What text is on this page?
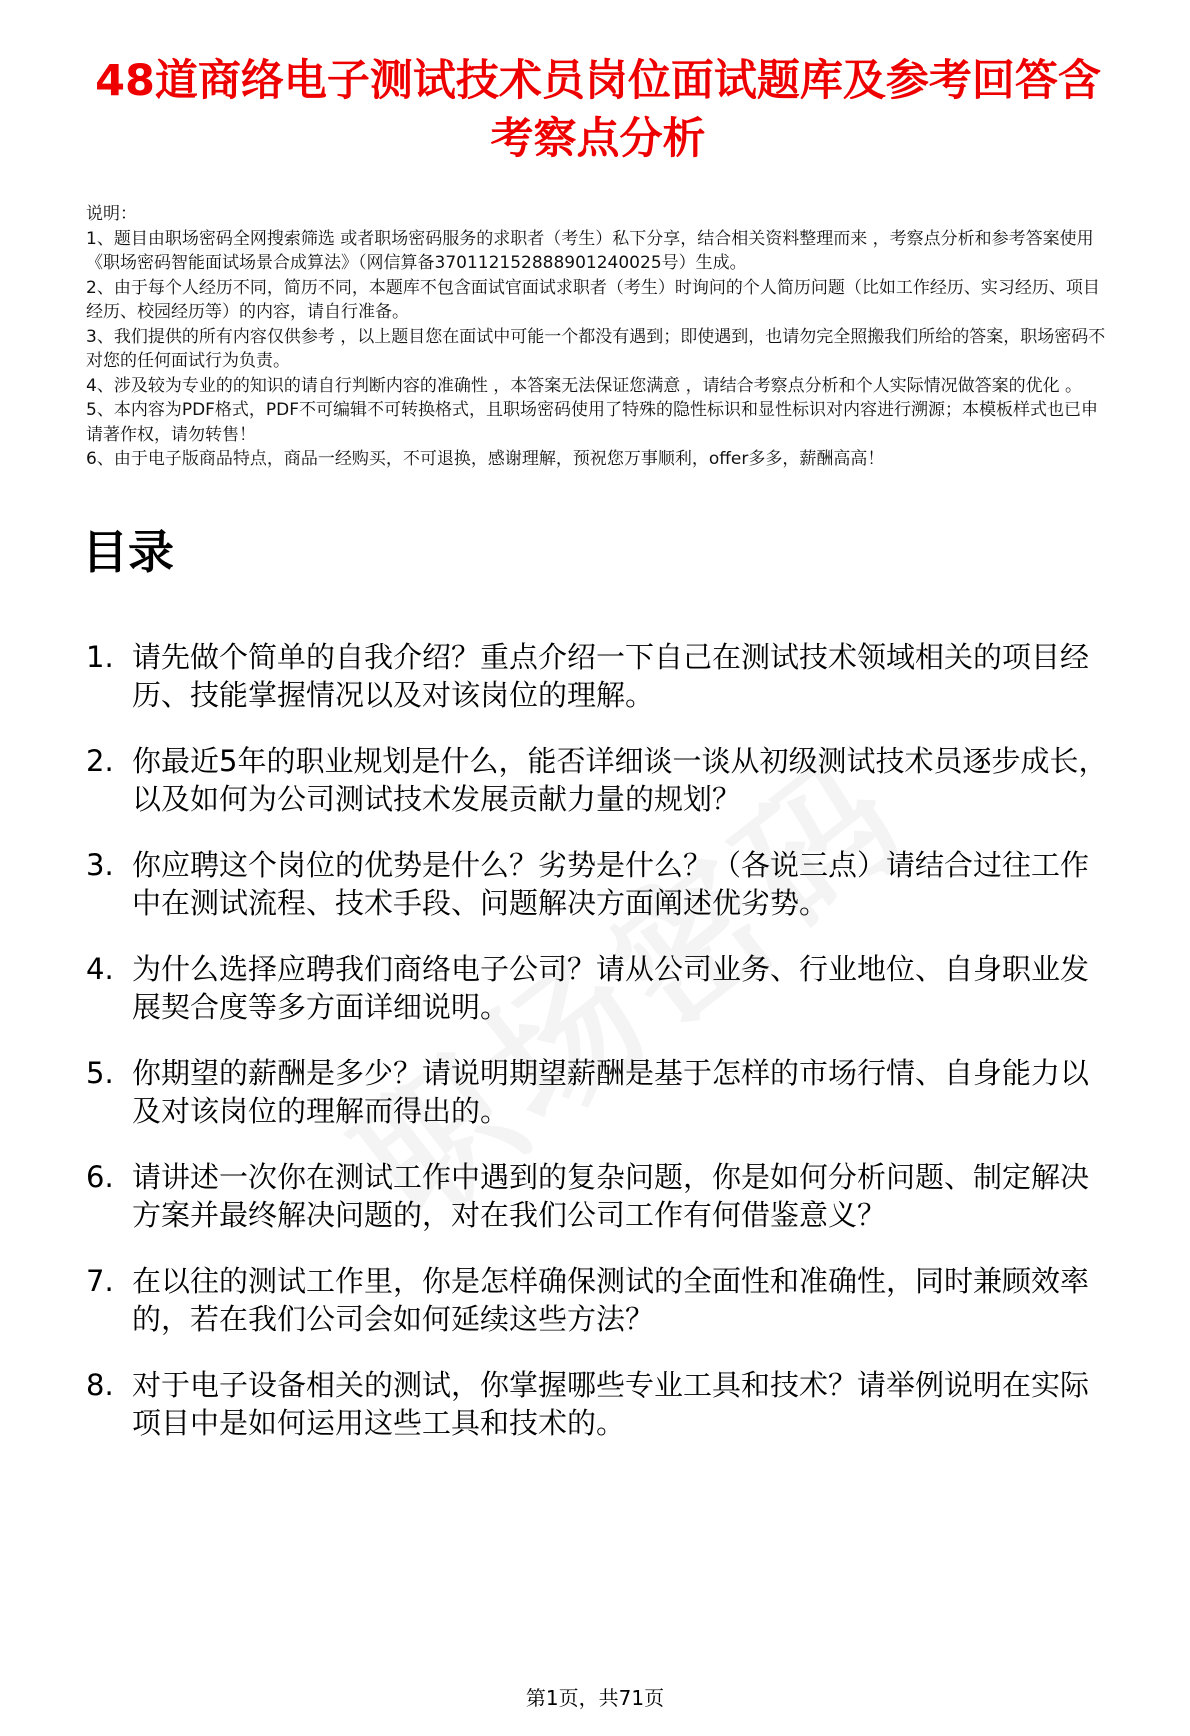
48道商络电子测试技术员岗位面试题库及参考回答含考察点分析

说明：

1、题目由职场密码全网搜索筛选 或者职场密码服务的求职者（考生）私下分享，结合相关资料整理而来 ，考察点分析和参考答案使用《职场密码智能面试场景合成算法》（网信算备370112152888901240025号）生成。

2、由于每个人经历不同，简历不同，本题库不包含面试官面试求职者（考生）时询问的个人简历问题（比如工作经历、实习经历、项目经历、校园经历等）的内容，请自行准备。

3、我们提供的所有内容仅供参考 ，以上题目您在面试中可能一个都没有遇到；即使遇到，也请勿完全照搬我们所给的答案，职场密码不对您的任何面试行为负责。

4、涉及较为专业的的知识的请自行判断内容的准确性 ，本答案无法保证您满意 ，请结合考察点分析和个人实际情况做答案的优化 。

5、本内容为PDF格式，PDF不可编辑不可转换格式，且职场密码使用了特殊的隐性标识和显性标识对内容进行溯源；本模板样式也已申请著作权，请勿转售！

6、由于电子版商品特点，商品一经购买，不可退换，感谢理解，预祝您万事顺利，offer多多，薪酬高高！

目录
1. 请先做个简单的自我介绍？重点介绍一下自己在测试技术领域相关的项目经历、技能掌握情况以及对该岗位的理解。
2. 你最近5年的职业规划是什么，能否详细谈一谈从初级测试技术员逐步成长，以及如何为公司测试技术发展贡献力量的规划？
3. 你应聘这个岗位的优势是什么？劣势是什么？（各说三点）请结合过往工作中在测试流程、技术手段、问题解决方面阐述优劣势。
4. 为什么选择应聘我们商络电子公司？请从公司业务、行业地位、自身职业发展契合度等多方面详细说明。
5. 你期望的薪酬是多少？请说明期望薪酬是基于怎样的市场行情、自身能力以及对该岗位的理解而得出的。
6. 请讲述一次你在测试工作中遇到的复杂问题，你是如何分析问题、制定解决方案并最终解决问题的，对在我们公司工作有何借鉴意义？
7. 在以往的测试工作里，你是怎样确保测试的全面性和准确性，同时兼顾效率的，若在我们公司会如何延续这些方法？
8. 对于电子设备相关的测试，你掌握哪些专业工具和技术？请举例说明在实际项目中是如何运用这些工具和技术的。
第1页，共71页
